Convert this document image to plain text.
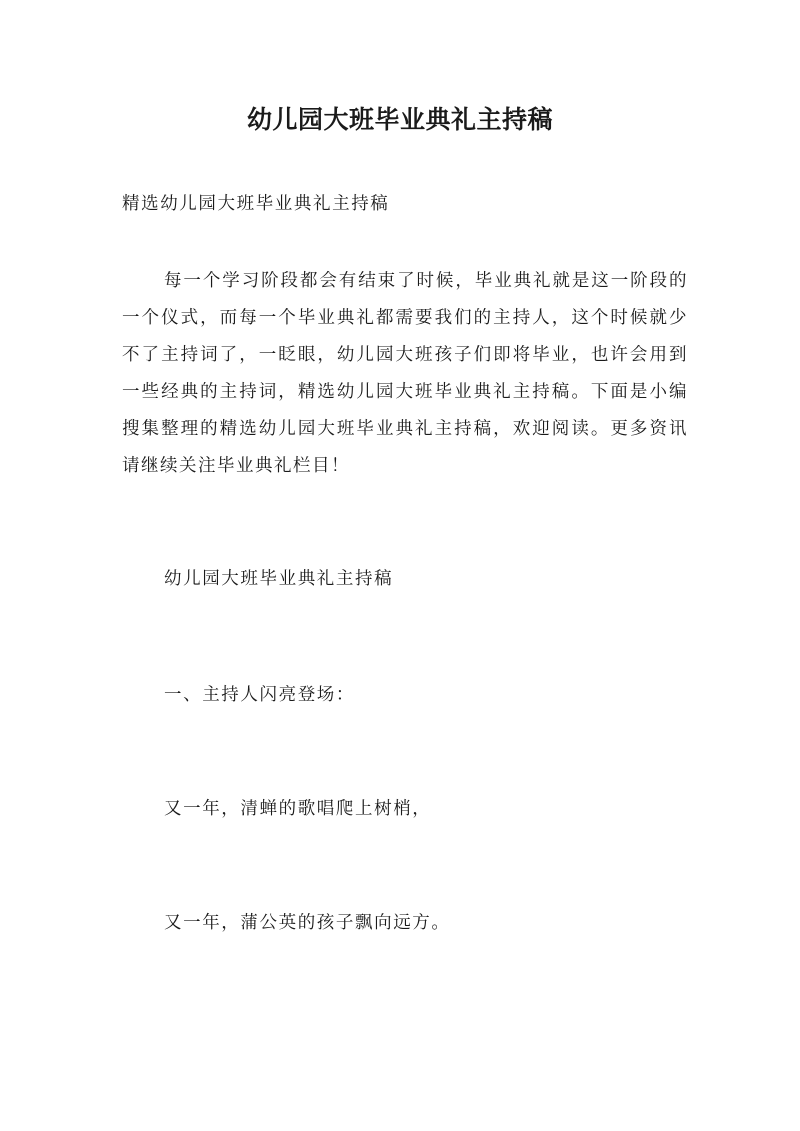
幼儿园大班毕业典礼主持稿
精选幼儿园大班毕业典礼主持稿

每一个学习阶段都会有结束了时候，毕业典礼就是这一阶段的一个仪式，而每一个毕业典礼都需要我们的主持人，这个时候就少不了主持词了，一眨眼，幼儿园大班孩子们即将毕业，也许会用到一些经典的主持词，精选幼儿园大班毕业典礼主持稿。下面是小编搜集整理的精选幼儿园大班毕业典礼主持稿，欢迎阅读。更多资讯请继续关注毕业典礼栏目！

幼儿园大班毕业典礼主持稿
一、主持人闪亮登场：
又一年，清蝉的歌唱爬上树梢，
又一年，蒲公英的孩子飘向远方。
